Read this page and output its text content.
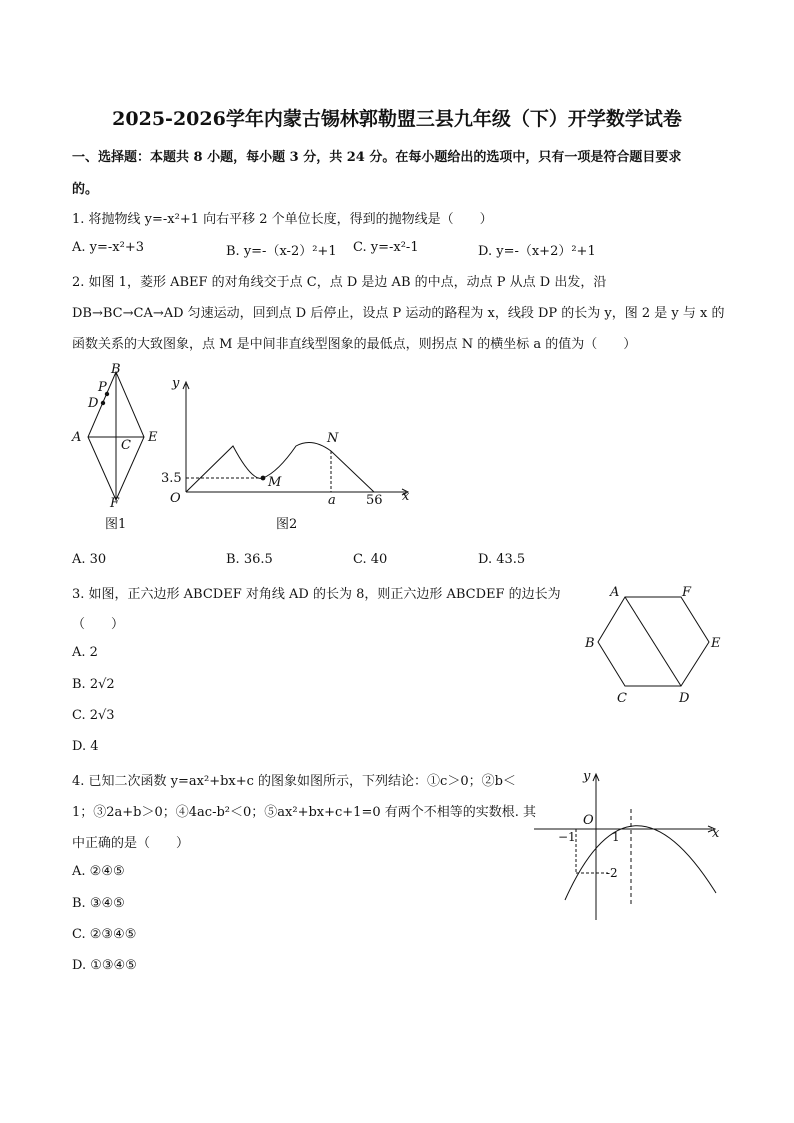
2025-2026学年内蒙古锡林郭勒盟三县九年级（下）开学数学试卷
一、选择题：本题共 8 小题，每小题 3 分，共 24 分。在每小题给出的选项中，只有一项是符合题目要求
的。
1. 将抛物线 y=-x²+1 向右平移 2 个单位长度，得到的抛物线是（　　）
A. y=-x²+3	B. y=-（x-2）²+1 C. y=-x²-1	D. y=-（x+2）²+1
2. 如图 1，菱形 ABEF 的对角线交于点 C，点 D 是边 AB 的中点，动点 P 从点 D 出发，沿
DB→BC→CA→AD 匀速运动，回到点 D 后停止，设点 P 运动的路程为 x，线段 DP 的长为 y，图 2 是 y 与 x 的
函数关系的大致图象，点 M 是中间非直线型图象的最低点，则拐点 N 的横坐标 a 的值为（　　）
B
P
D
A
C
E
F
图1
y
O
3.5	M
N
a 56 x
图2
A. 30	B. 36.5	C. 40	D. 43.5
3. 如图，正六边形 ABCDEF 对角线 AD 的长为 8，则正六边形 ABCDEF 的边长为
（　　）
A. 2
B. 2√2
C. 2√3
D. 4
A	F
B	E
C	D
4. 已知二次函数 y=ax²+bx+c 的图象如图所示，下列结论：①c＞0；②b＜
1；③2a+b＞0；④4ac-b²＜0；⑤ax²+bx+c+1=0 有两个不相等的实数根. 其
中正确的是（　　）
A. ②④⑤
B. ③④⑤
C. ②③④⑤
D. ①③④⑤
y
O
−1	1
-2
x
